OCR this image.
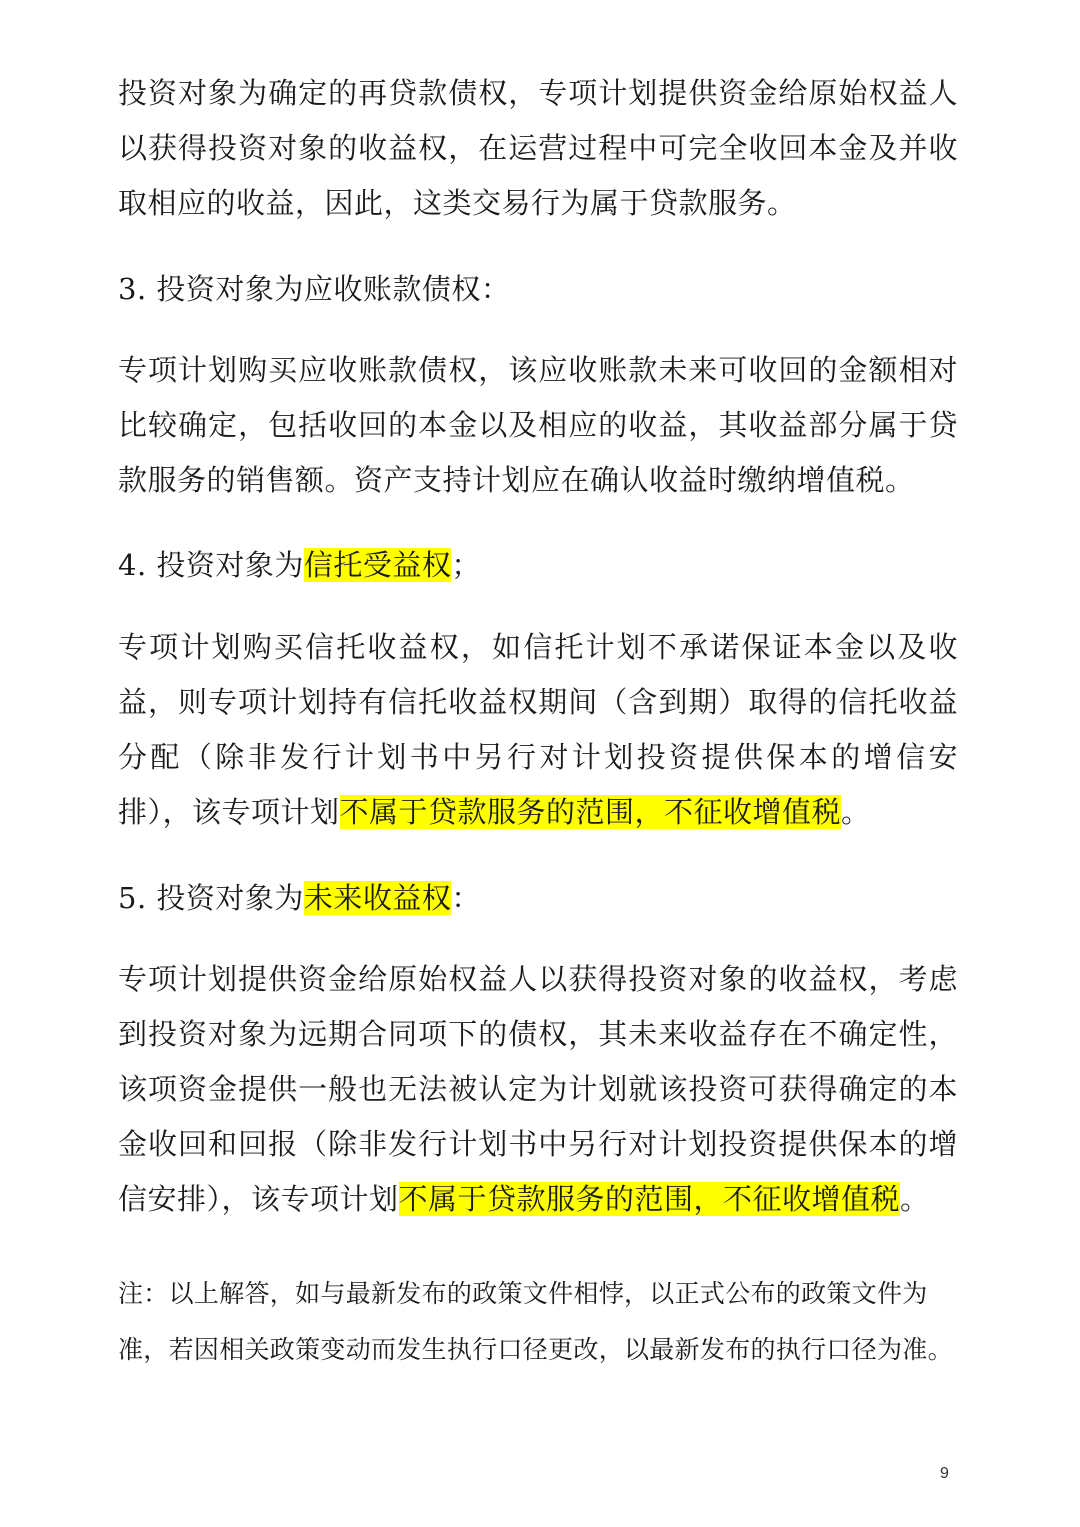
投资对象为确定的再贷款债权，专项计划提供资金给原始权益人以获得投资对象的收益权，在运营过程中可完全收回本金及并收取相应的收益，因此，这类交易行为属于贷款服务。

3. 投资对象为应收账款债权：

专项计划购买应收账款债权，该应收账款未来可收回的金额相对比较确定，包括收回的本金以及相应的收益，其收益部分属于贷款服务的销售额。资产支持计划应在确认收益时缴纳增值税。

4. 投资对象为信托受益权；

专项计划购买信托收益权，如信托计划不承诺保证本金以及收益，则专项计划持有信托收益权期间（含到期）取得的信托收益分配（除非发行计划书中另行对计划投资提供保本的增信安排），该专项计划不属于贷款服务的范围，不征收增值税。

5. 投资对象为未来收益权：

专项计划提供资金给原始权益人以获得投资对象的收益权，考虑到投资对象为远期合同项下的债权，其未来收益存在不确定性，该项资金提供一般也无法被认定为计划就该投资可获得确定的本金收回和回报（除非发行计划书中另行对计划投资提供保本的增信安排），该专项计划不属于贷款服务的范围，不征收增值税。

注：以上解答，如与最新发布的政策文件相悖，以正式公布的政策文件为准，若因相关政策变动而发生执行口径更改，以最新发布的执行口径为准。

9
